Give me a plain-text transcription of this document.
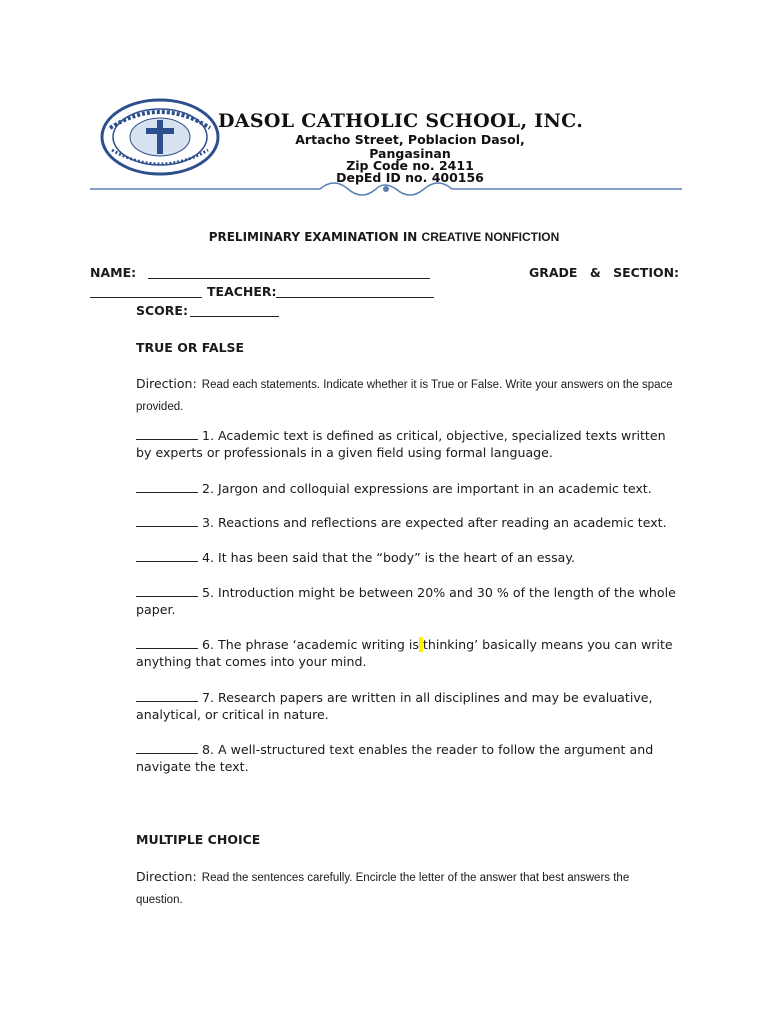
DASOL CATHOLIC SCHOOL, INC.
Artacho Street, Poblacion Dasol,
Pangasinan
Zip Code no. 2411
DepEd ID no. 400156
PRELIMINARY EXAMINATION IN CREATIVE NONFICTION
NAME:	GRADE & SECTION:
TEACHER:
SCORE:
TRUE OR FALSE
Direction: Read each statements. Indicate whether it is True or False. Write your answers on the space provided.
1. Academic text is defined as critical, objective, specialized texts written by experts or professionals in a given field using formal language.
2. Jargon and colloquial expressions are important in an academic text.
3. Reactions and reflections are expected after reading an academic text.
4. It has been said that the “body” is the heart of an essay.
5. Introduction might be between 20% and 30 % of the length of the whole paper.
6. The phrase ‘academic writing is thinking’ basically means you can write anything that comes into your mind.
7. Research papers are written in all disciplines and may be evaluative, analytical, or critical in nature.
8. A well-structured text enables the reader to follow the argument and navigate the text.
MULTIPLE CHOICE
Direction: Read the sentences carefully. Encircle the letter of the answer that best answers the question.
